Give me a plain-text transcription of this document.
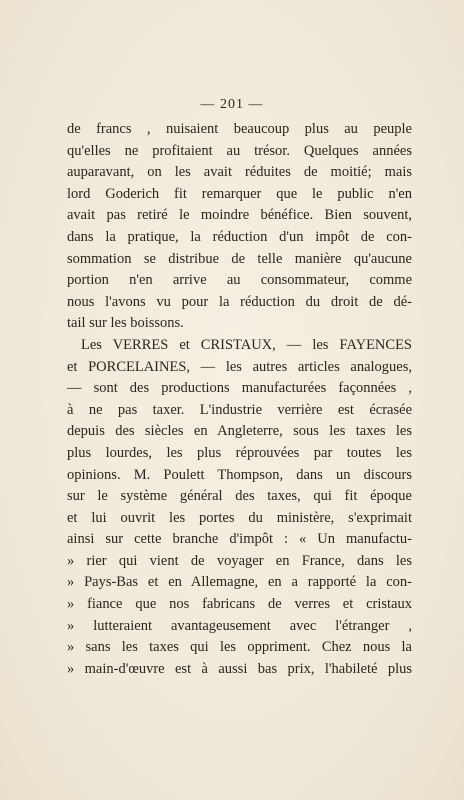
— 201 —
de francs , nuisaient beaucoup plus au peuple
qu'elles ne profitaient au trésor. Quelques années
auparavant, on les avait réduites de moitié; mais
lord Goderich fit remarquer que le public n'en
avait pas retiré le moindre bénéfice. Bien souvent,
dans la pratique, la réduction d'un impôt de con-
sommation se distribue de telle manière qu'aucune
portion n'en arrive au consommateur, comme
nous l'avons vu pour la réduction du droit de dé-
tail sur les boissons.
Les VERRES et CRISTAUX, — les FAYENCES
et PORCELAINES, — les autres articles analogues,
— sont des productions manufacturées façonnées ,
à ne pas taxer. L'industrie verrière est écrasée
depuis des siècles en Angleterre, sous les taxes les
plus lourdes, les plus réprouvées par toutes les
opinions. M. Poulett Thompson, dans un discours
sur le système général des taxes, qui fit époque
et lui ouvrit les portes du ministère, s'exprimait
ainsi sur cette branche d'impôt : « Un manufactu-
» rier qui vient de voyager en France, dans les
» Pays-Bas et en Allemagne, en a rapporté la con-
» fiance que nos fabricans de verres et cristaux
» lutteraient avantageusement avec l'étranger ,
» sans les taxes qui les oppriment. Chez nous la
» main-d'œuvre est à aussi bas prix, l'habileté plus
